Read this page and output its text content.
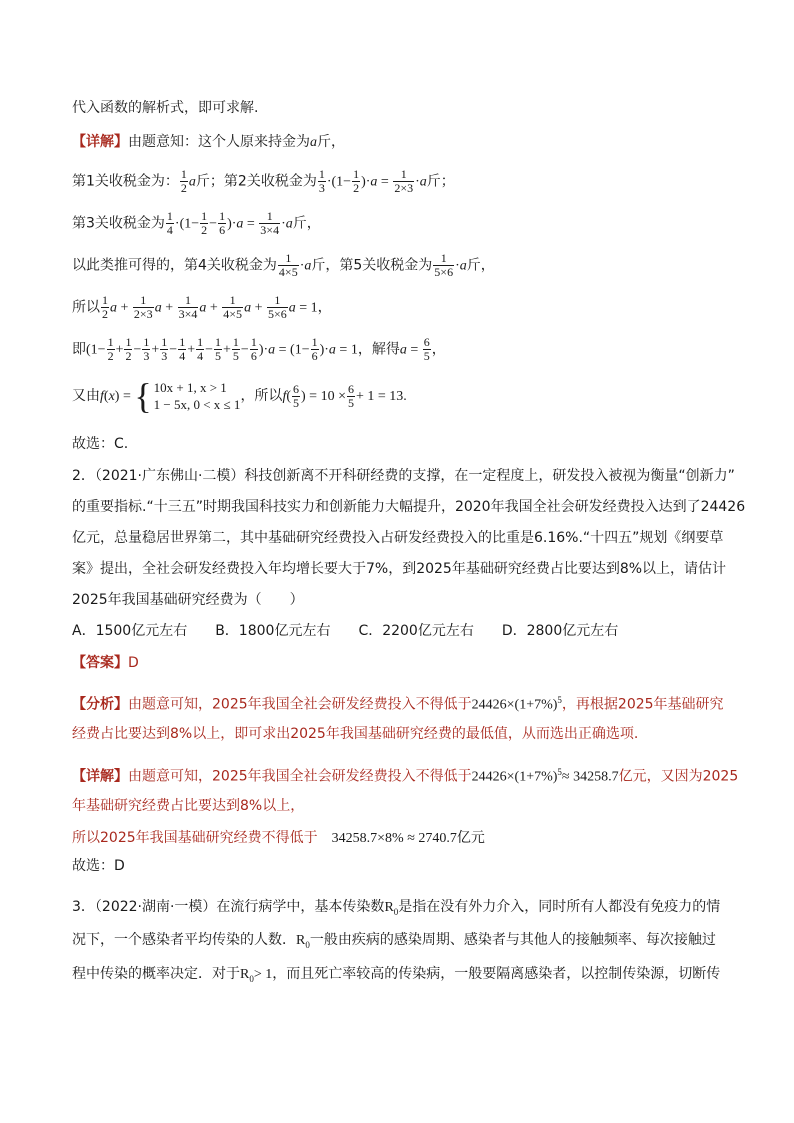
代入函数的解析式，即可求解.
【详解】由题意知：这个人原来持金为a斤，
第1关收税金为： $\frac{1}{2}$ a斤；第2关收税金为 $\frac{1}{3} \cdot(1- \frac{1}{2} )\cdot a = \frac{1}{2\times 3} \cdot a$斤；
第3关收税金为 $\frac{1}{4} \cdot(1- \frac{1}{2} - \frac{1}{6} )\cdot a = \frac{1}{3\times 4} \cdot a$斤，
以此类推可得的，第4关收税金为 $\frac{1}{4\times 5} \cdot a$斤，第5关收税金为 $\frac{1}{5\times 6} \cdot a$斤，
所以 $\frac{1}{2}$ $a + \frac{1}{2\times 3}$ $a + \frac{1}{3\times 4}$ $a + \frac{1}{4\times 5}$ $a + \frac{1}{5\times 6}$ a = 1，
即$(1- \frac{1}{2} + \frac{1}{2} - \frac{1}{3} + \frac{1}{3} - \frac{1}{4} + \frac{1}{4} - \frac{1}{5} + \frac{1}{5} - \frac{1}{6} )\cdot a = (1- \frac{1}{6} )\cdot a = 1$，解得$a = \frac{6}{5}$ ，
又由f(x) = { 10x + 1, x > 1
1 − 5x, 0 < x ≤ 1
，所以$f( \frac{6}{5}$ ) = $10 \times \frac{6}{5} + 1 = 13$.
故选：C.
2．（2021·广东佛山·二模）科技创新离不开科研经费的支撑，在一定程度上，研发投入被视为衡量“创新力”
的重要指标.“十三五”时期我国科技实力和创新能力大幅提升，2020年我国全社会研发经费投入达到了24426
亿元，总量稳居世界第二，其中基础研究经费投入占研发经费投入的比重是6.16%.“十四五”规划《纲要草
案》提出，全社会研发经费投入年均增长要大于7%，到2025年基础研究经费占比要达到8%以上，请估计
2025年我国基础研究经费为（　　）
A．1500亿元左右　　B．1800亿元左右　　C．2200亿元左右　　D．2800亿元左右
【答案】D
【分析】由题意可知，2025年我国全社会研发经费投入不得低于$24426\times(1+7\%)^5$，再根据2025年基础研究
经费占比要达到8%以上，即可求出2025年我国基础研究经费的最低值，从而选出正确选项.
【详解】由题意可知，2025年我国全社会研发经费投入不得低于$24426\times(1+7\%)^5\approx 34258.7$亿元，又因为2025
年基础研究经费占比要达到8%以上，
所以2025年我国基础研究经费不得低于　34258.7×8% ≈ 2740.7亿元
故选：D
3．（2022·湖南·一模）在流行病学中，基本传染数$R_0$是指在没有外力介入，同时所有人都没有免疫力的情
况下，一个感染者平均传染的人数．$R_0$一般由疾病的感染周期、感染者与其他人的接触频率、每次接触过
程中传染的概率决定．对于$R_0> 1$，而且死亡率较高的传染病，一般要隔离感染者，以控制传染源，切断传
